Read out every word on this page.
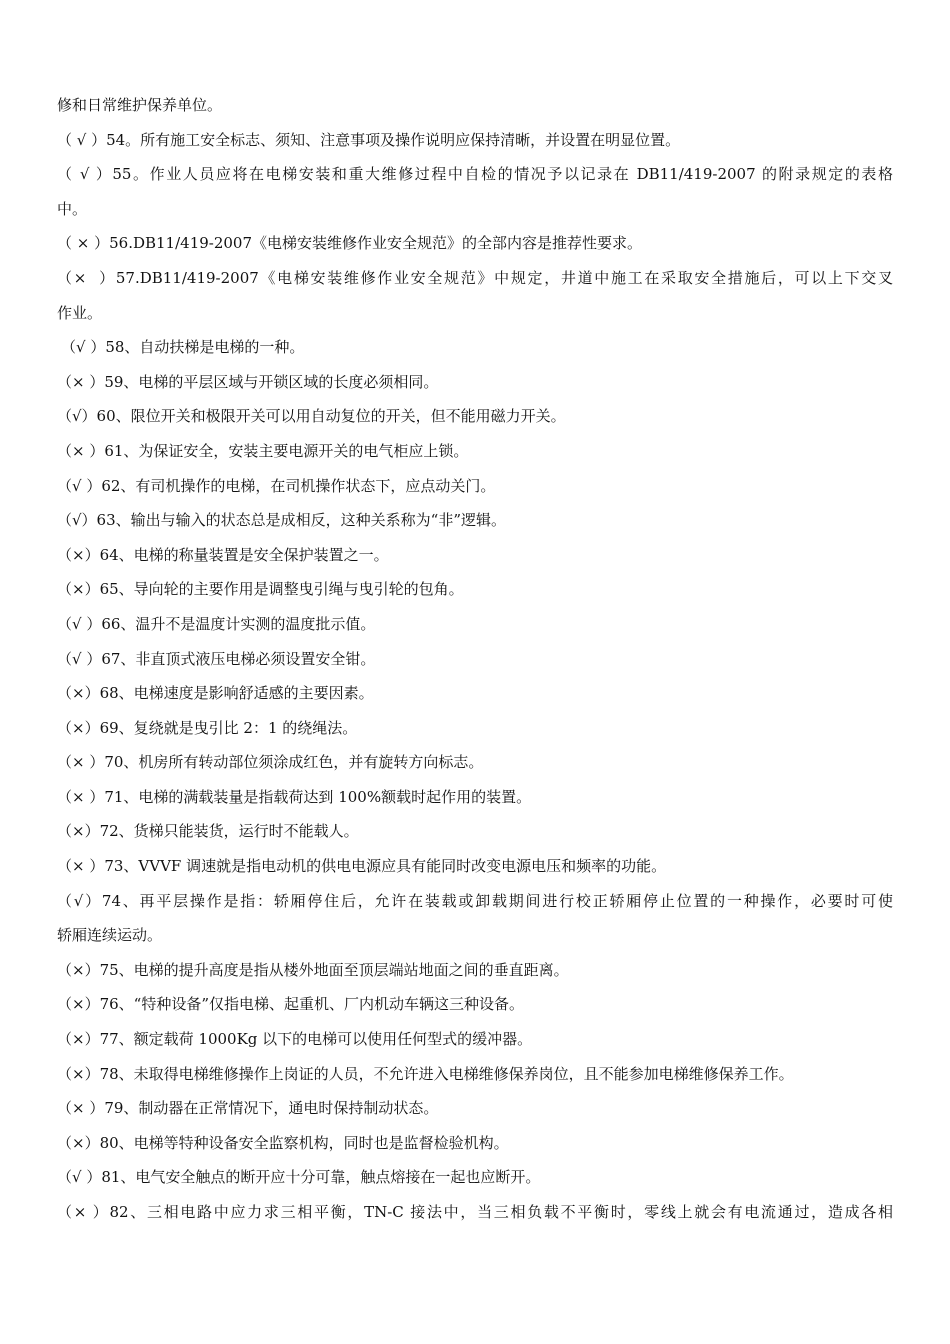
修和日常维护保养单位。
（ √ ）54。所有施工安全标志、须知、注意事项及操作说明应保持清晰，并设置在明显位置。
（ √ ）55。作业人员应将在电梯安装和重大维修过程中自检的情况予以记录在 DB11/419-2007 的附录规定的表格
中。
（ × ）56.DB11/419-2007《电梯安装维修作业安全规范》的全部内容是推荐性要求。
（×  ）57.DB11/419-2007《电梯安装维修作业安全规范》中规定，井道中施工在采取安全措施后，可以上下交叉
作业。
（√ ）58、自动扶梯是电梯的一种。
（× ）59、电梯的平层区域与开锁区域的长度必须相同。
（√）60、限位开关和极限开关可以用自动复位的开关，但不能用磁力开关。
（× ）61、为保证安全，安装主要电源开关的电气柜应上锁。
（√ ）62、有司机操作的电梯，在司机操作状态下，应点动关门。
（√）63、输出与输入的状态总是成相反，这种关系称为“非”逻辑。
（×）64、电梯的称量装置是安全保护装置之一。
（×）65、导向轮的主要作用是调整曳引绳与曳引轮的包角。
（√ ）66、温升不是温度计实测的温度批示值。
（√ ）67、非直顶式液压电梯必须设置安全钳。
（×）68、电梯速度是影响舒适感的主要因素。
（×）69、复绕就是曳引比 2：1 的绕绳法。
（× ）70、机房所有转动部位须涂成红色，并有旋转方向标志。
（× ）71、电梯的满载装量是指载荷达到 100%额载时起作用的装置。
（×）72、货梯只能装货，运行时不能载人。
（× ）73、VVVF 调速就是指电动机的供电电源应具有能同时改变电源电压和频率的功能。
（√）74、再平层操作是指：轿厢停住后，允许在装载或卸载期间进行校正轿厢停止位置的一种操作，必要时可使
轿厢连续运动。
（×）75、电梯的提升高度是指从楼外地面至顶层端站地面之间的垂直距离。
（×）76、“特种设备”仅指电梯、起重机、厂内机动车辆这三种设备。
（×）77、额定载荷 1000Kg 以下的电梯可以使用任何型式的缓冲器。
（×）78、未取得电梯维修操作上岗证的人员，不允许进入电梯维修保养岗位，且不能参加电梯维修保养工作。
（× ）79、制动器在正常情况下，通电时保持制动状态。
（×）80、电梯等特种设备安全监察机构，同时也是监督检验机构。
（√ ）81、电气安全触点的断开应十分可靠，触点熔接在一起也应断开。
（× ）82、三相电路中应力求三相平衡，TN-C 接法中，当三相负载不平衡时，零线上就会有电流通过，造成各相
